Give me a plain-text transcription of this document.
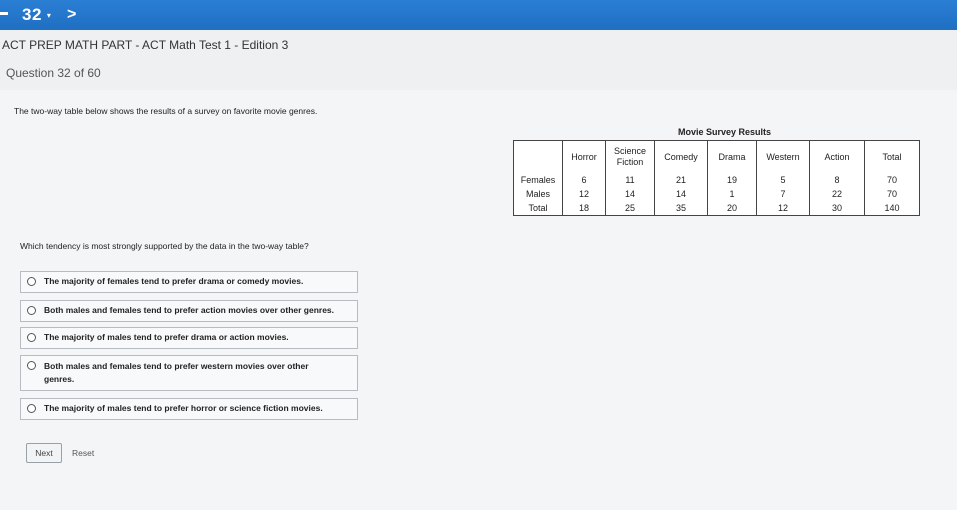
32 ▾ >
ACT PREP MATH PART - ACT Math Test 1 - Edition 3
Question 32 of 60
The two-way table below shows the results of a survey on favorite movie genres.
Which tendency is most strongly supported by the data in the two-way table?
The majority of females tend to prefer drama or comedy movies.
Both males and females tend to prefer action movies over other genres.
The majority of males tend to prefer drama or action movies.
Both males and females tend to prefer western movies over other genres.
The majority of males tend to prefer horror or science fiction movies.
Next	Reset
Movie Survey Results
	Horror	Science Fiction	Comedy	Drama	Western	Action	Total
Females	6	11	21	19	5	8	70
Males	12	14	14	1	7	22	70
Total	18	25	35	20	12	30	140
